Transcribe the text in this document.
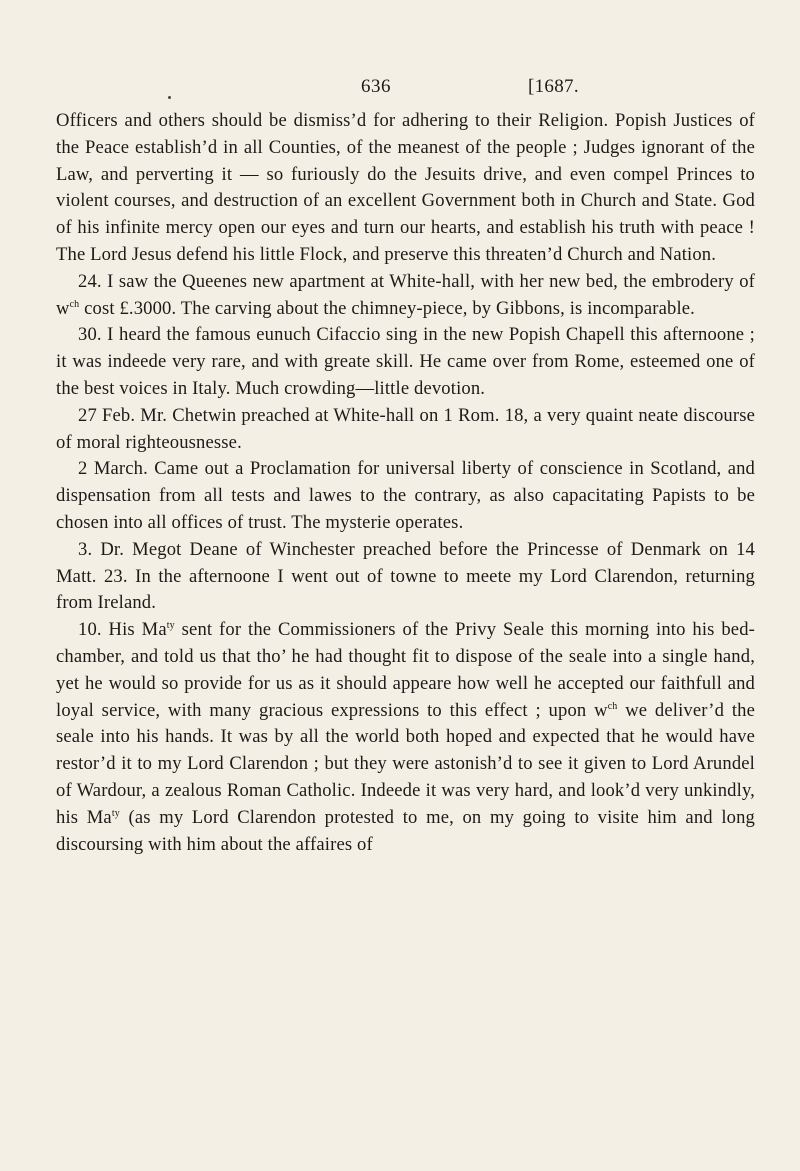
636	[1687.

Officers and others should be dismiss’d for adhering to their Religion. Popish Justices of the Peace establish’d in all Counties, of the meanest of the people ; Judges ignorant of the Law, and perverting it — so furiously do the Jesuits drive, and even compel Princes to violent courses, and destruction of an excellent Government both in Church and State. God of his infinite mercy open our eyes and turn our hearts, and establish his truth with peace ! The Lord Jesus defend his little Flock, and preserve this threaten’d Church and Nation.

24. I saw the Queenes new apartment at White-hall, with her new bed, the embrodery of $w^{ch}$ cost £.3000. The carving about the chimney-piece, by Gibbons, is incomparable.

30. I heard the famous eunuch Cifaccio sing in the new Popish Chapell this afternoone ; it was indeede very rare, and with greate skill. He came over from Rome, esteemed one of the best voices in Italy. Much crowding—little devotion.

27 Feb. Mr. Chetwin preached at White-hall on 1 Rom. 18, a very quaint neate discourse of moral righteousnesse.

2 March. Came out a Proclamation for universal liberty of conscience in Scotland, and dispensation from all tests and lawes to the contrary, as also capacitating Papists to be chosen into all offices of trust. The mysterie operates.

3. Dr. Megot Deane of Winchester preached before the Princesse of Denmark on 14 Matt. 23. In the afternoone I went out of towne to meete my Lord Clarendon, returning from Ireland.

10. His $Ma^{ty}$ sent for the Commissioners of the Privy Seale this morning into his bed-chamber, and told us that tho’ he had thought fit to dispose of the seale into a single hand, yet he would so provide for us as it should appeare how well he accepted our faithfull and loyal service, with many gracious expressions to this effect ; upon $w^{ch}$ we deliver’d the seale into his hands. It was by all the world both hoped and expected that he would have restor’d it to my Lord Clarendon ; but they were astonish’d to see it given to Lord Arundel of Wardour, a zealous Roman Catholic. Indeede it was very hard, and look’d very unkindly, his $Ma^{ty}$ (as my Lord Clarendon protested to me, on my going to visite him and long discoursing with him about the affaires of
